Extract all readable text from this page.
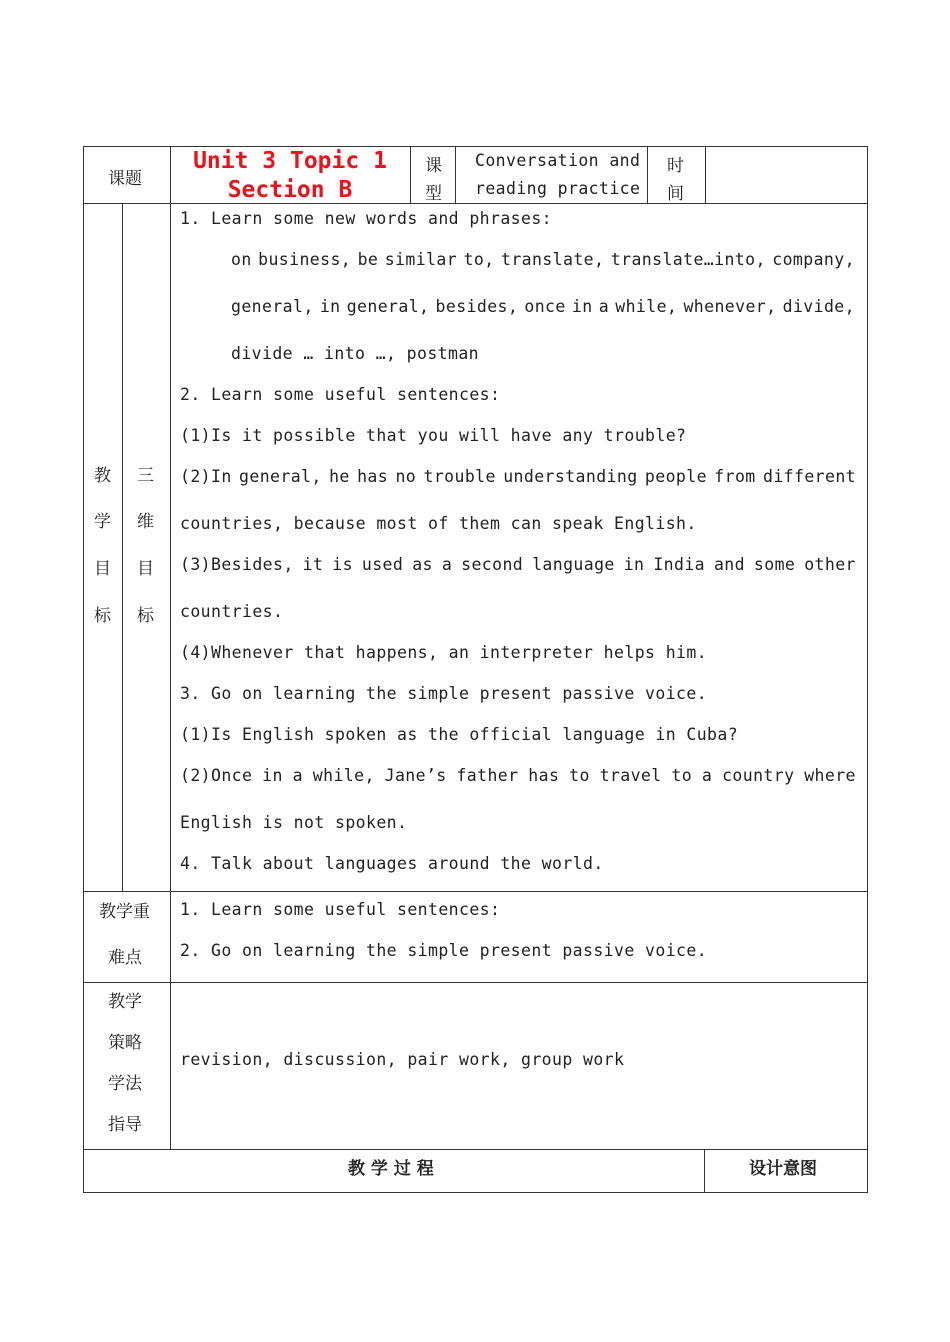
课题
Unit 3 Topic 1
Section B
课
型
Conversation and
reading practice
时
间
教
学
目
标
三
维
目
标
1. Learn some new words and phrases:
on business, be similar to, translate, translate…into, company,
general, in general, besides, once in a while, whenever, divide,
divide … into …, postman
2. Learn some useful sentences:
(1)Is it possible that you will have any trouble?
(2)In general, he has no trouble understanding people from different
countries, because most of them can speak English.
(3)Besides, it is used as a second language in India and some other
countries.
(4)Whenever that happens, an interpreter helps him.
3. Go on learning the simple present passive voice.
(1)Is English spoken as the official language in Cuba?
(2)Once in a while, Jane’s father has to travel to a country where
English is not spoken.
4. Talk about languages around the world.
教学重
难点
1. Learn some useful sentences:
2. Go on learning the simple present passive voice.
教学
策略
学法
指导
revision, discussion, pair work, group work
教 学 过 程	设计意图
